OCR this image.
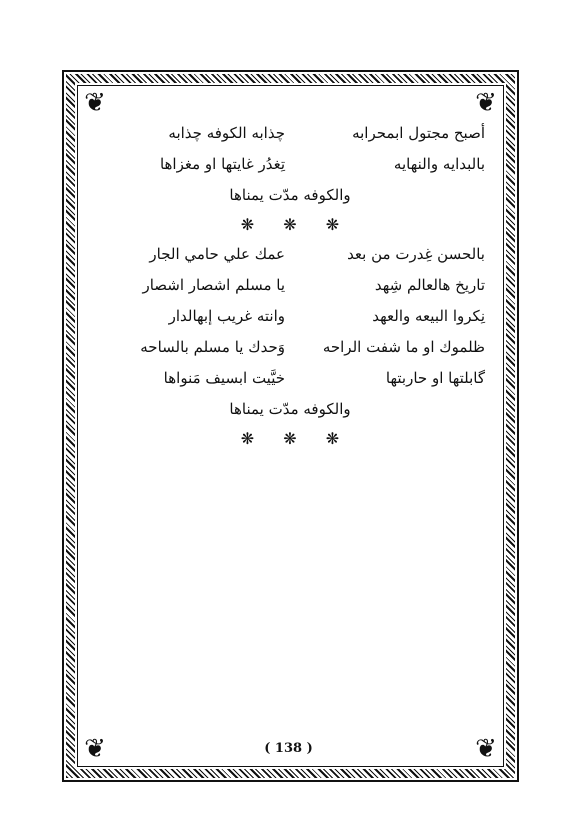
❦	❦
❦	❦
أصبح مجتول ابمحرابه
چذابه الكوفه چذابه
بالبدايه والنهايه
تِغدُر غايتها او مغزاها
والكوفه مدّت يمناها
❋ ❋ ❋
بالحسن غِدرت من بعد
عمك علي حامي الجار
تاريخ هالعالم شِهد
يا مسلم اشصار اشصار
نِكروا البيعه والعهد
وانته غريب إبهالدار
ظلموك او ما شفت الراحه
وَحدك يا مسلم بالساحه
گابلتها او حاربتها
خيَّيت ابسيف مَنواها
والكوفه مدّت يمناها
❋ ❋ ❋
( 138 )
